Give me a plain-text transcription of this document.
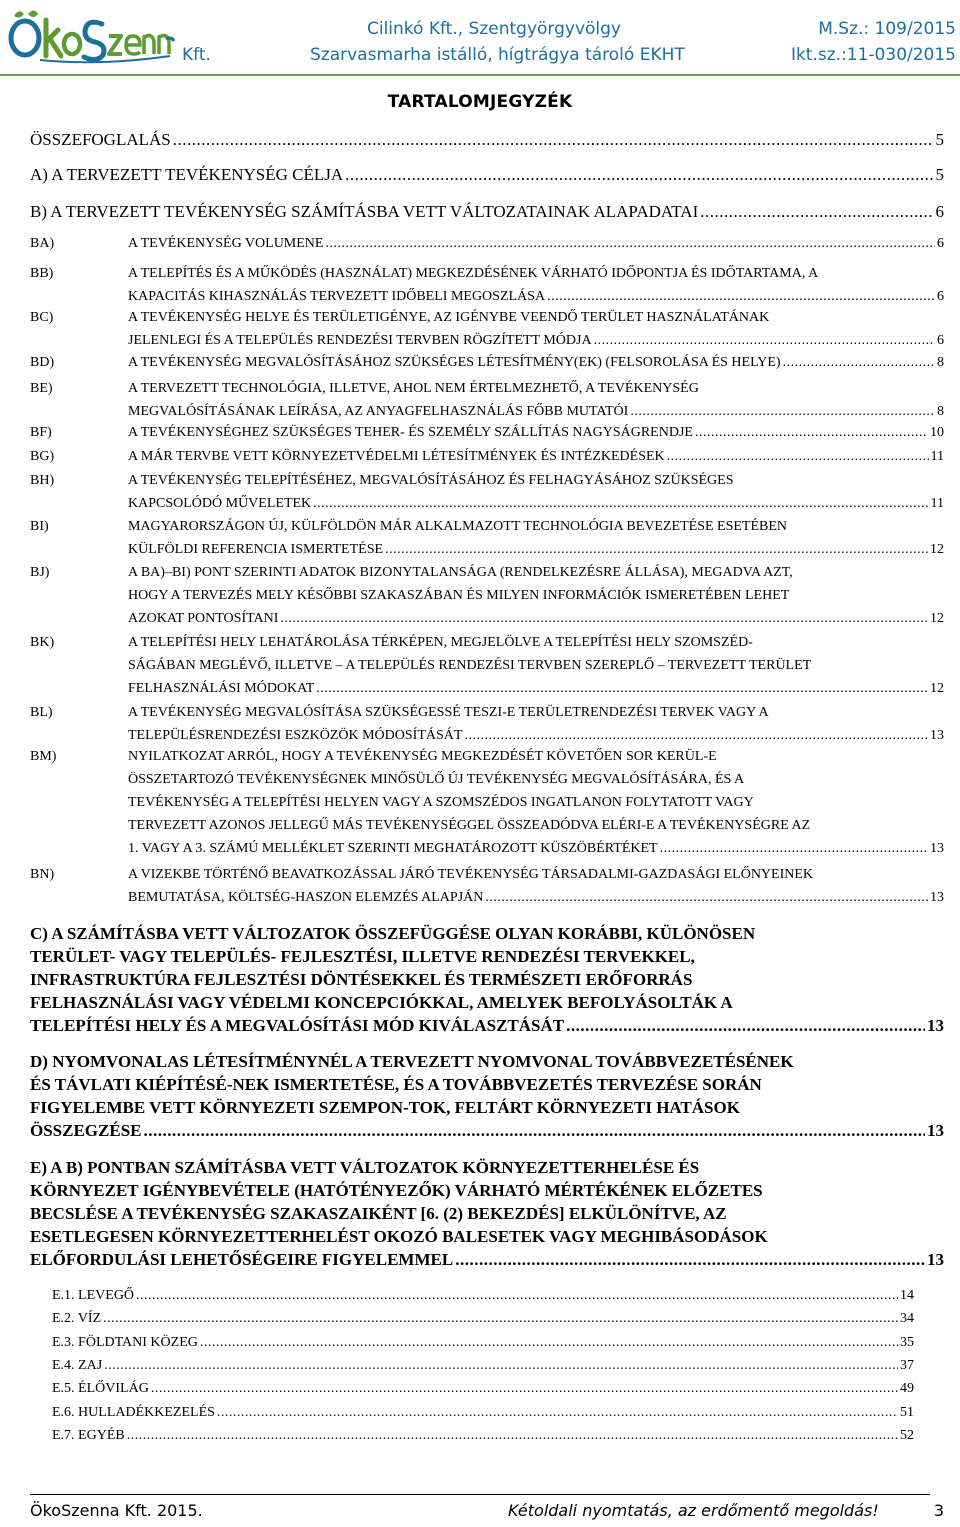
Kft.
Cilinkó Kft., Szentgyörgyvölgy
Szarvasmarha istálló, hígtrágya tároló EKHT
M.Sz.: 109/2015
Ikt.sz.:11-030/2015
TARTALOMJEGYZÉK
ÖSSZEFOGLALÁS .....	5
A) A TERVEZETT TEVÉKENYSÉG CÉLJA .....	5
B) A TERVEZETT TEVÉKENYSÉG SZÁMÍTÁSBA VETT VÁLTOZATAINAK ALAPADATAI .....	6
BA)	A TEVÉKENYSÉG VOLUMENE .....	6
BB)	A TELEPÍTÉS ÉS A MŰKÖDÉS (HASZNÁLAT) MEGKEZDÉSÉNEK VÁRHATÓ IDŐPONTJA ÉS IDŐTARTAMA, A
KAPACITÁS KIHASZNÁLÁS TERVEZETT IDŐBELI MEGOSZLÁSA .....	6
BC)	A TEVÉKENYSÉG HELYE ÉS TERÜLETIGÉNYE, AZ IGÉNYBE VEENDŐ TERÜLET HASZNÁLATÁNAK
JELENLEGI ÉS A TELEPÜLÉS RENDEZÉSI TERVBEN RÖGZÍTETT MÓDJA .....	6
BD)	A TEVÉKENYSÉG MEGVALÓSÍTÁSÁHOZ SZÜKSÉGES LÉTESÍTMÉNY(EK) (FELSOROLÁSA ÉS HELYE) .....	8
BE)	A TERVEZETT TECHNOLÓGIA, ILLETVE, AHOL NEM ÉRTELMEZHETŐ, A TEVÉKENYSÉG
MEGVALÓSÍTÁSÁNAK LEÍRÁSA, AZ ANYAGFELHASZNÁLÁS FŐBB MUTATÓI .....	8
BF)	A TEVÉKENYSÉGHEZ SZÜKSÉGES TEHER- ÉS SZEMÉLY SZÁLLÍTÁS NAGYSÁGRENDJE .....	10
BG)	A MÁR TERVBE VETT KÖRNYEZETVÉDELMI LÉTESÍTMÉNYEK ÉS INTÉZKEDÉSEK .....	11
BH)	A TEVÉKENYSÉG TELEPÍTÉSÉHEZ, MEGVALÓSÍTÁSÁHOZ ÉS FELHAGYÁSÁHOZ SZÜKSÉGES
KAPCSOLÓDÓ MŰVELETEK .....	11
BI)	MAGYARORSZÁGON ÚJ, KÜLFÖLDÖN MÁR ALKALMAZOTT TECHNOLÓGIA BEVEZETÉSE ESETÉBEN
KÜLFÖLDI REFERENCIA ISMERTETÉSE .....	12
BJ)	A BA)–BI) PONT SZERINTI ADATOK BIZONYTALANSÁGA (RENDELKEZÉSRE ÁLLÁSA), MEGADVA AZT,
HOGY A TERVEZÉS MELY KÉSŐBBI SZAKASZÁBAN ÉS MILYEN INFORMÁCIÓK ISMERETÉBEN LEHET
AZOKAT PONTOSÍTANI .....	12
BK)	A TELEPÍTÉSI HELY LEHATÁROLÁSA TÉRKÉPEN, MEGJELÖLVE A TELEPÍTÉSI HELY SZOMSZÉD-
SÁGÁBAN MEGLÉVŐ, ILLETVE – A TELEPÜLÉS RENDEZÉSI TERVBEN SZEREPLŐ – TERVEZETT TERÜLET
FELHASZNÁLÁSI MÓDOKAT .....	12
BL)	A TEVÉKENYSÉG MEGVALÓSÍTÁSA SZÜKSÉGESSÉ TESZI-E TERÜLETRENDEZÉSI TERVEK VAGY A
TELEPÜLÉSRENDEZÉSI ESZKÖZÖK MÓDOSÍTÁSÁT .....	13
BM)	NYILATKOZAT ARRÓL, HOGY A TEVÉKENYSÉG MEGKEZDÉSÉT KÖVETŐEN SOR KERÜL-E
ÖSSZETARTOZÓ TEVÉKENYSÉGNEK MINŐSÜLŐ ÚJ TEVÉKENYSÉG MEGVALÓSÍTÁSÁRA, ÉS A
TEVÉKENYSÉG A TELEPÍTÉSI HELYEN VAGY A SZOMSZÉDOS INGATLANON FOLYTATOTT VAGY
TERVEZETT AZONOS JELLEGŰ MÁS TEVÉKENYSÉGGEL ÖSSZEADÓDVA ELÉRI-E A TEVÉKENYSÉGRE AZ
1. VAGY A 3. SZÁMÚ MELLÉKLET SZERINTI MEGHATÁROZOTT KÜSZÖBÉRTÉKET .....	13
BN)	A VIZEKBE TÖRTÉNŐ BEAVATKOZÁSSAL JÁRÓ TEVÉKENYSÉG TÁRSADALMI-GAZDASÁGI ELŐNYEINEK
BEMUTATÁSA, KÖLTSÉG-HASZON ELEMZÉS ALAPJÁN .....	13
C) A SZÁMÍTÁSBA VETT VÁLTOZATOK ÖSSZEFÜGGÉSE OLYAN KORÁBBI, KÜLÖNÖSEN
TERÜLET- VAGY TELEPÜLÉS- FEJLESZTÉSI, ILLETVE RENDEZÉSI TERVEKKEL,
INFRASTRUKTÚRA FEJLESZTÉSI DÖNTÉSEKKEL ÉS TERMÉSZETI ERŐFORRÁS
FELHASZNÁLÁSI VAGY VÉDELMI KONCEPCIÓKKAL, AMELYEK BEFOLYÁSOLTÁK A
TELEPÍTÉSI HELY ÉS A MEGVALÓSÍTÁSI MÓD KIVÁLASZTÁSÁT .....	13
D) NYOMVONALAS LÉTESÍTMÉNYNÉL A TERVEZETT NYOMVONAL TOVÁBBVEZETÉSÉNEK
ÉS TÁVLATI KIÉPÍTÉSÉ-NEK ISMERTETÉSE, ÉS A TOVÁBBVEZETÉS TERVEZÉSE SORÁN
FIGYELEMBE VETT KÖRNYEZETI SZEMPON-TOK, FELTÁRT KÖRNYEZETI HATÁSOK
ÖSSZEGZÉSE .....	13
E) A B) PONTBAN SZÁMÍTÁSBA VETT VÁLTOZATOK KÖRNYEZETTERHELÉSE ÉS
KÖRNYEZET IGÉNYBEVÉTELE (HATÓTÉNYEZŐK) VÁRHATÓ MÉRTÉKÉNEK ELŐZETES
BECSLÉSE A TEVÉKENYSÉG SZAKASZAIKÉNT [6. (2) BEKEZDÉS] ELKÜLÖNÍTVE, AZ
ESETLEGESEN KÖRNYEZETTERHELÉST OKOZÓ BALESETEK VAGY MEGHIBÁSODÁSOK
ELŐFORDULÁSI LEHETŐSÉGEIRE FIGYELEMMEL .....	13
E.1. LEVEGŐ .....	14
E.2. VÍZ .....	34
E.3. FÖLDTANI KÖZEG .....	35
E.4. ZAJ .....	37
E.5. ÉLŐVILÁG .....	49
E.6. HULLADÉKKEZELÉS .....	51
E.7. EGYÉB .....	52
ÖkoSzenna Kft. 2015.	Kétoldali nyomtatás, az erdőmentő megoldás!	3
